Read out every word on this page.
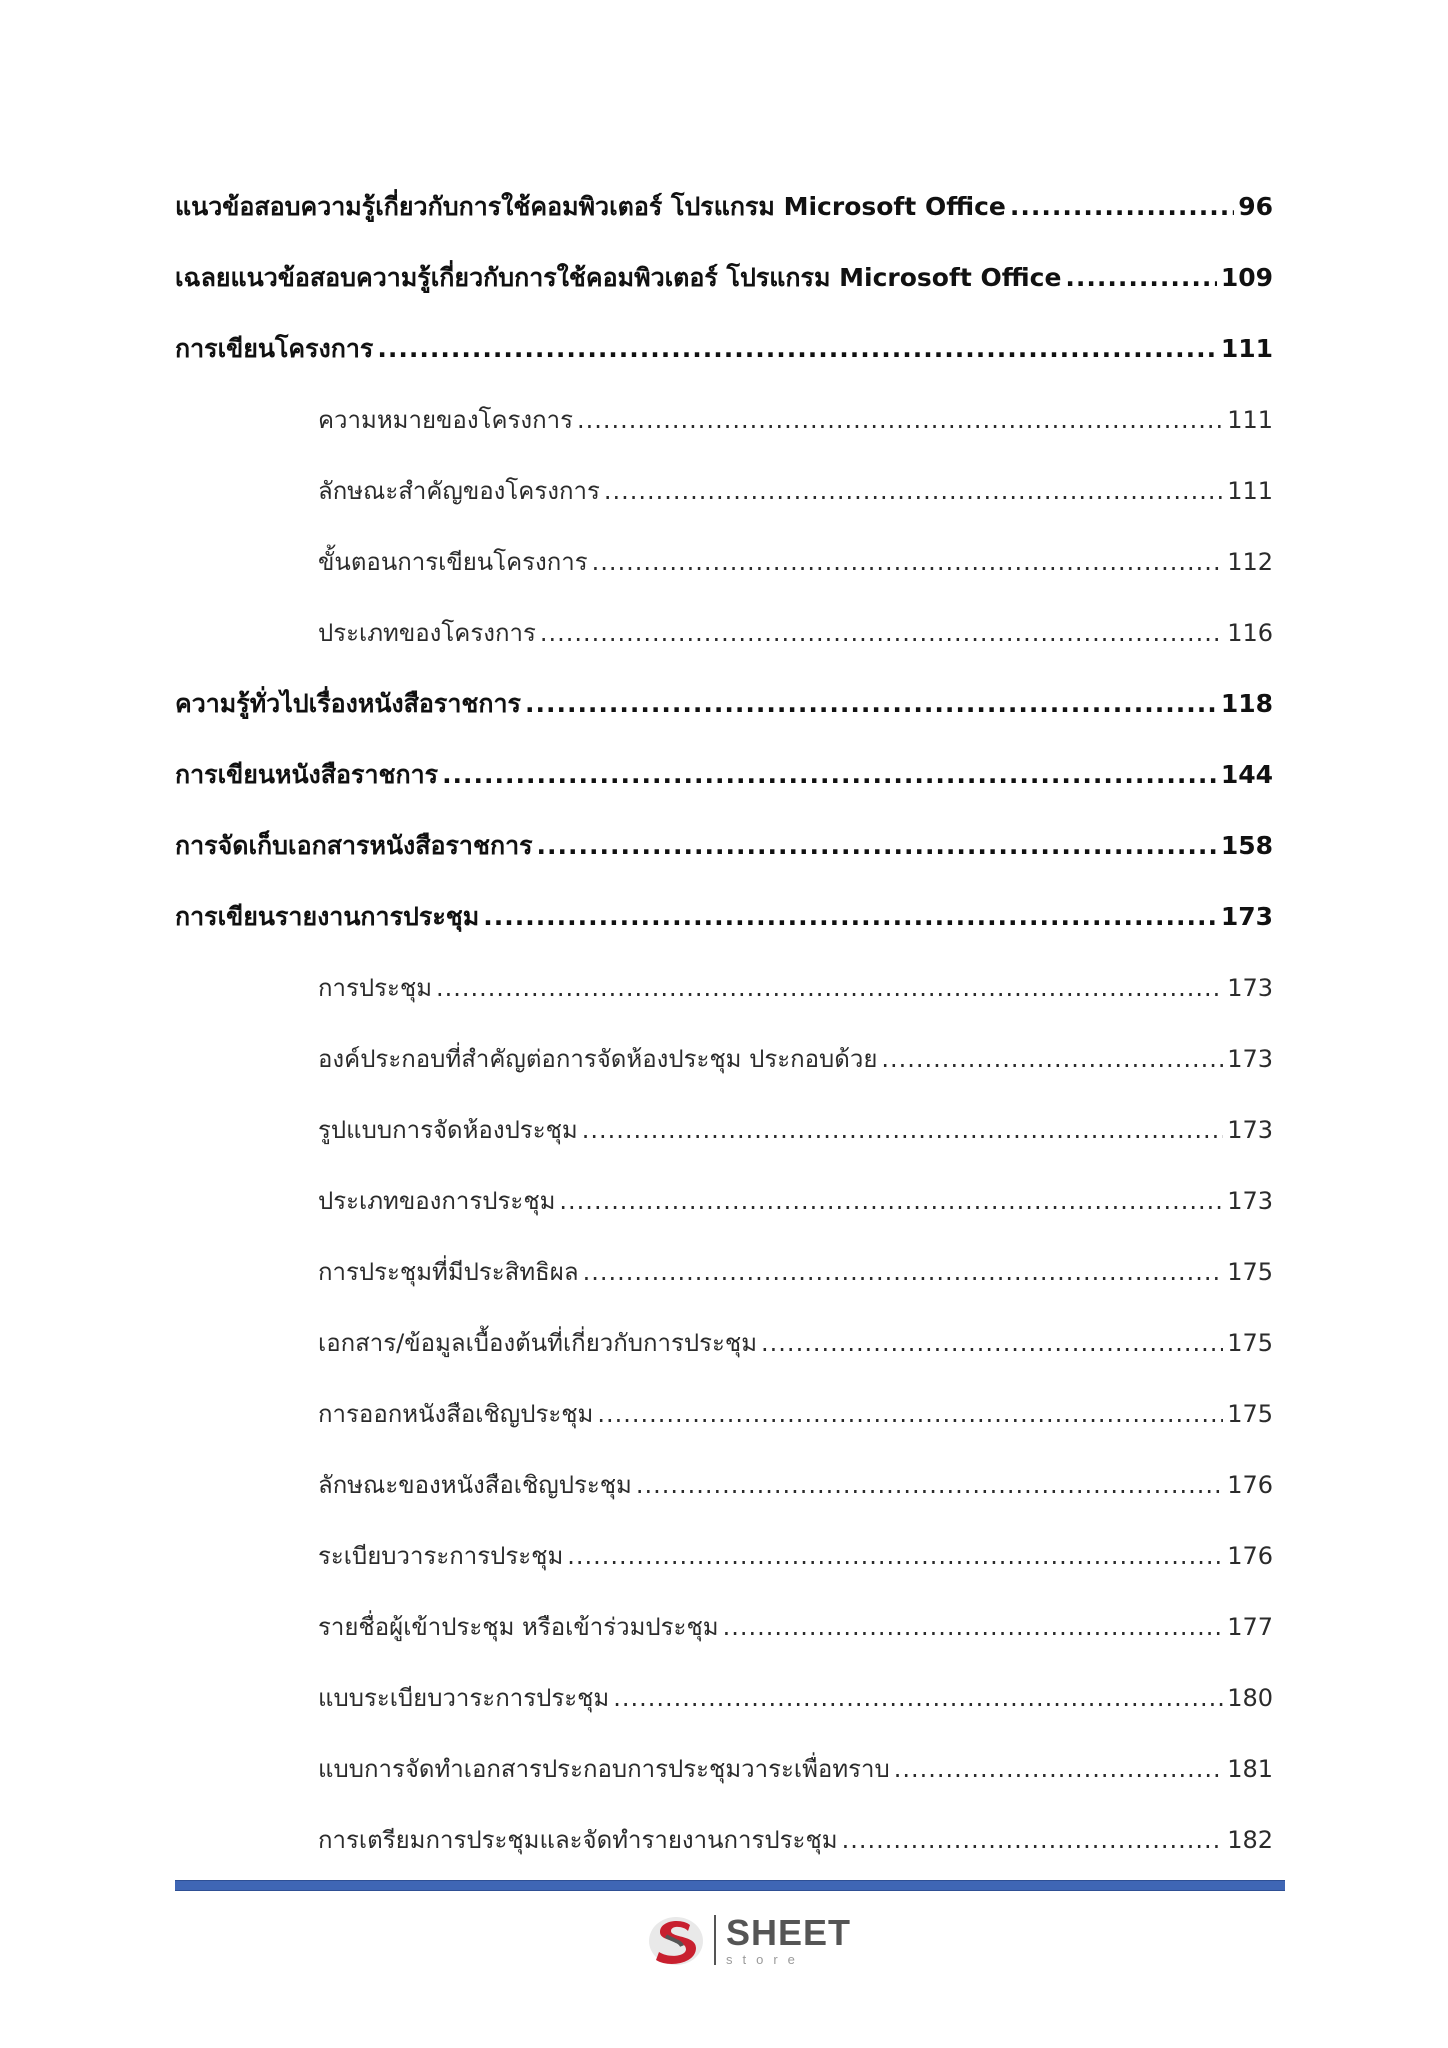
แนวข้อสอบความรู้เกี่ยวกับการใช้คอมพิวเตอร์ โปรแกรม Microsoft Office .....	96
เฉลยแนวข้อสอบความรู้เกี่ยวกับการใช้คอมพิวเตอร์ โปรแกรม Microsoft Office .....	109
การเขียนโครงการ .....	111
ความหมายของโครงการ .....	111
ลักษณะสำคัญของโครงการ .....	111
ขั้นตอนการเขียนโครงการ .....	112
ประเภทของโครงการ .....	116
ความรู้ทั่วไปเรื่องหนังสือราชการ .....	118
การเขียนหนังสือราชการ .....	144
การจัดเก็บเอกสารหนังสือราชการ .....	158
การเขียนรายงานการประชุม .....	173
การประชุม .....	173
องค์ประกอบที่สำคัญต่อการจัดห้องประชุม ประกอบด้วย .....	173
รูปแบบการจัดห้องประชุม .....	173
ประเภทของการประชุม .....	173
การประชุมที่มีประสิทธิผล .....	175
เอกสาร/ข้อมูลเบื้องต้นที่เกี่ยวกับการประชุม .....	175
การออกหนังสือเชิญประชุม .....	175
ลักษณะของหนังสือเชิญประชุม .....	176
ระเบียบวาระการประชุม .....	176
รายชื่อผู้เข้าประชุม หรือเข้าร่วมประชุม .....	177
แบบระเบียบวาระการประชุม .....	180
แบบการจัดทำเอกสารประกอบการประชุมวาระเพื่อทราบ .....	181
การเตรียมการประชุมและจัดทำรายงานการประชุม .....	182
SHEET
store
